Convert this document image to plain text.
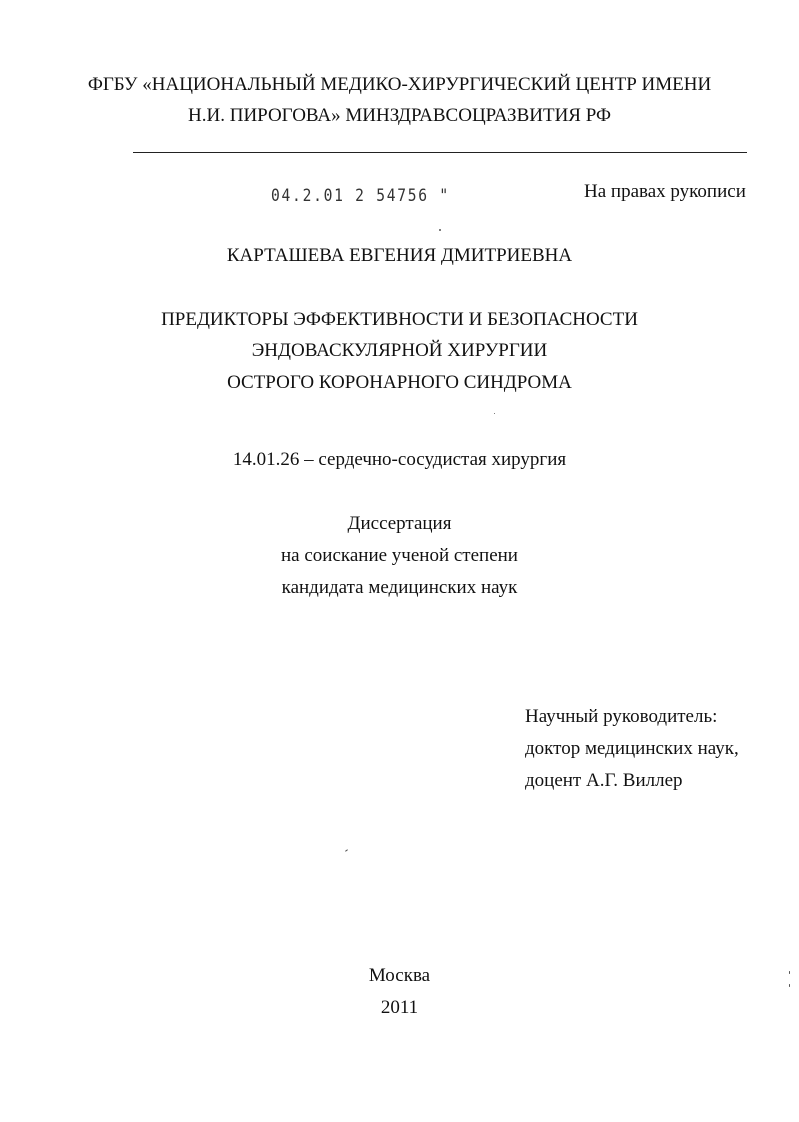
ФГБУ «НАЦИОНАЛЬНЫЙ МЕДИКО-ХИРУРГИЧЕСКИЙ ЦЕНТР ИМЕНИ
Н.И. ПИРОГОВА» МИНЗДРАВСОЦРАЗВИТИЯ РФ
04.2.01 2 54756 "	На правах рукописи
КАРТАШЕВА ЕВГЕНИЯ ДМИТРИЕВНА
ПРЕДИКТОРЫ ЭФФЕКТИВНОСТИ И БЕЗОПАСНОСТИ
ЭНДОВАСКУЛЯРНОЙ ХИРУРГИИ
ОСТРОГО КОРОНАРНОГО СИНДРОМА
14.01.26 – сердечно-сосудистая хирургия
Диссертация
на соискание ученой степени
кандидата медицинских наук
Научный руководитель:
доктор медицинских наук,
доцент А.Г. Виллер
Москва
2011
